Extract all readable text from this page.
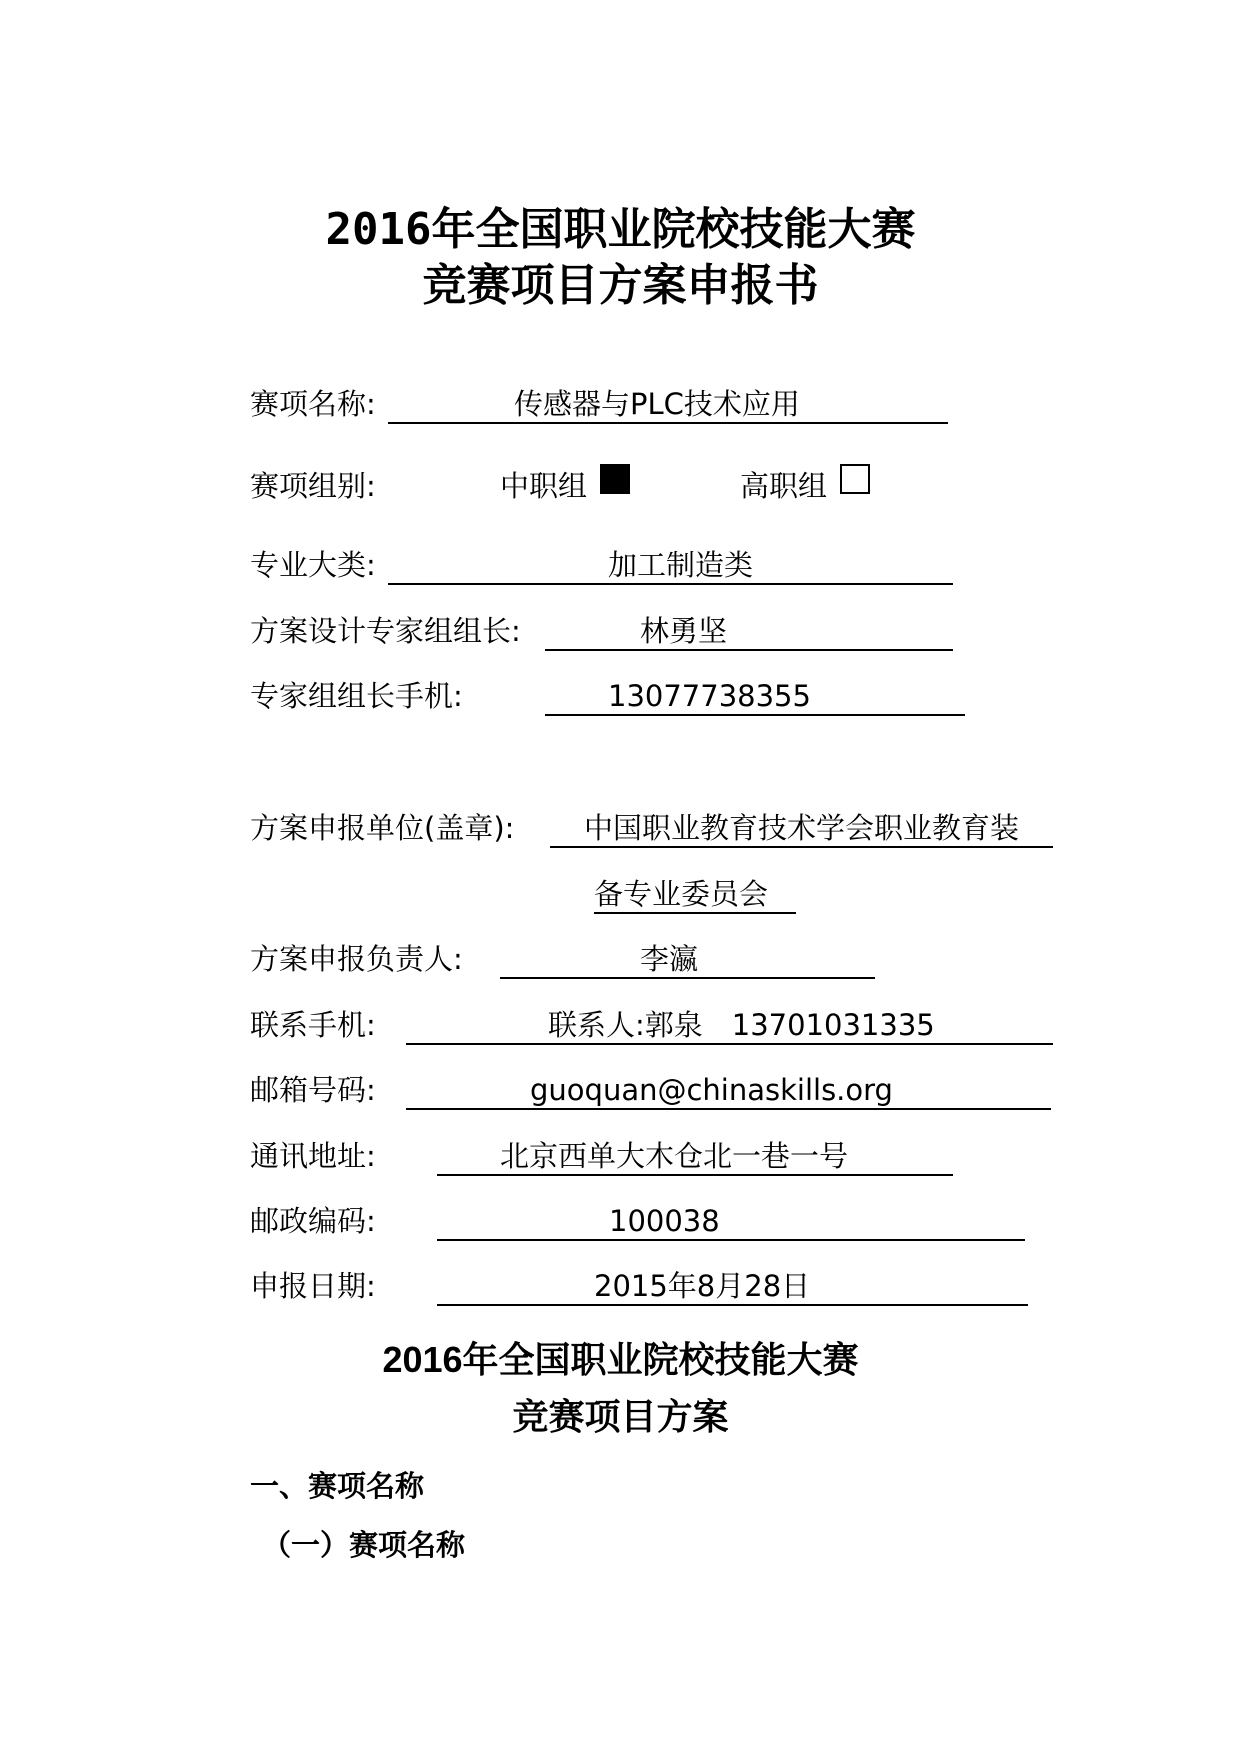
2016年全国职业院校技能大赛
竞赛项目方案申报书
赛项名称:	传感器与PLC技术应用
赛项组别:	中职组	高职组
专业大类:	加工制造类
方案设计专家组组长:	林勇坚
专家组组长手机:	13077738355
方案申报单位(盖章): 中国职业教育技术学会职业教育装
备专业委员会
方案申报负责人:	李瀛
联系手机:	联系人:郭泉　13701031335
邮箱号码:	guoquan@chinaskills.org
通讯地址:	北京西单大木仓北一巷一号
邮政编码:	100038
申报日期:	2015年8月28日
2016年全国职业院校技能大赛
竞赛项目方案
一、赛项名称
（一）赛项名称
